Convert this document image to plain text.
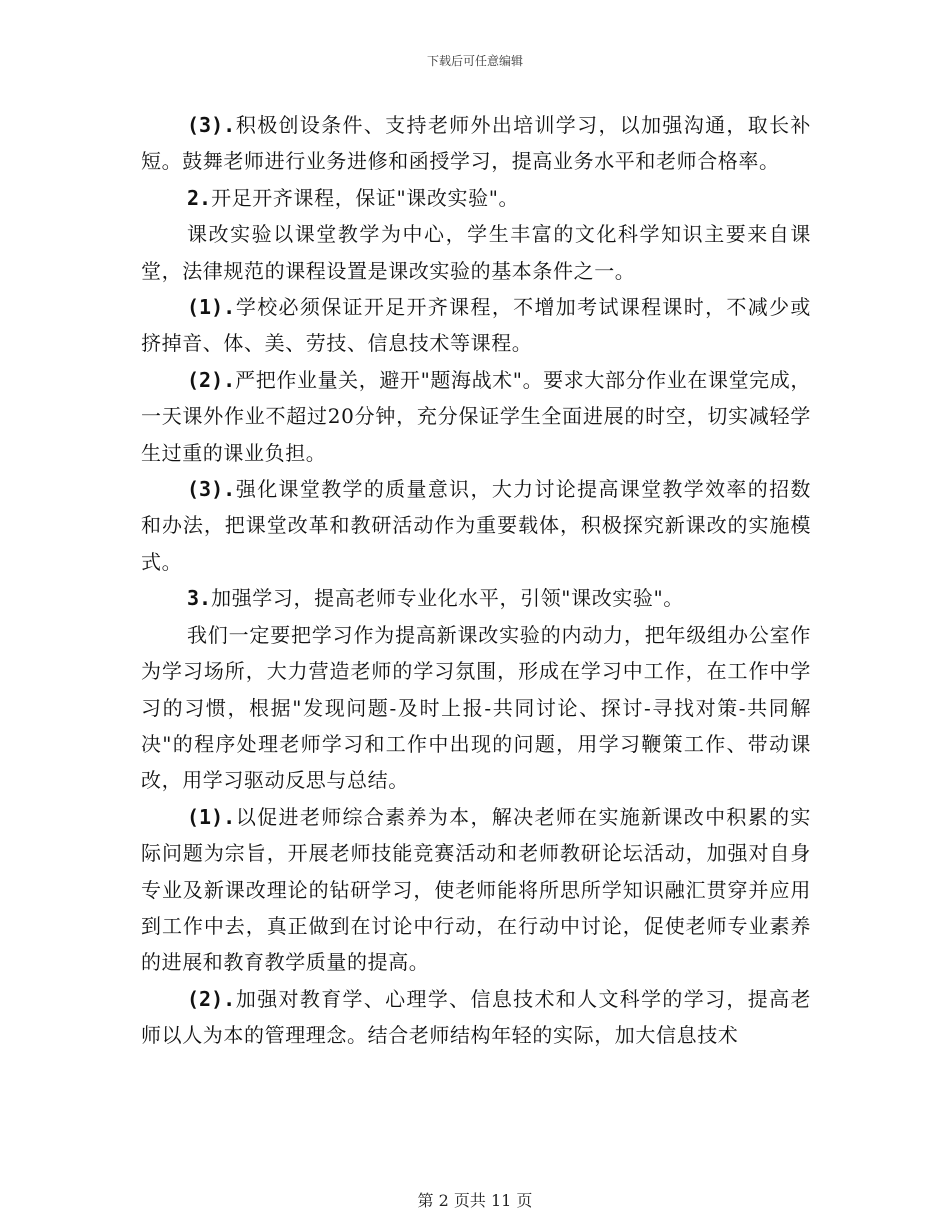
下载后可任意编辑

(3).积极创设条件、支持老师外出培训学习，以加强沟通，取长补短。鼓舞老师进行业务进修和函授学习，提高业务水平和老师合格率。

2.开足开齐课程，保证"课改实验"。

课改实验以课堂教学为中心，学生丰富的文化科学知识主要来自课堂，法律规范的课程设置是课改实验的基本条件之一。

(1).学校必须保证开足开齐课程，不增加考试课程课时，不减少或挤掉音、体、美、劳技、信息技术等课程。

(2).严把作业量关，避开"题海战术"。要求大部分作业在课堂完成，一天课外作业不超过20分钟，充分保证学生全面进展的时空，切实减轻学生过重的课业负担。

(3).强化课堂教学的质量意识，大力讨论提高课堂教学效率的招数和办法，把课堂改革和教研活动作为重要载体，积极探究新课改的实施模式。

3.加强学习，提高老师专业化水平，引领"课改实验"。

我们一定要把学习作为提高新课改实验的内动力，把年级组办公室作为学习场所，大力营造老师的学习氛围，形成在学习中工作，在工作中学习的习惯，根据"发现问题-及时上报-共同讨论、探讨-寻找对策-共同解决"的程序处理老师学习和工作中出现的问题，用学习鞭策工作、带动课改，用学习驱动反思与总结。

(1).以促进老师综合素养为本，解决老师在实施新课改中积累的实际问题为宗旨，开展老师技能竞赛活动和老师教研论坛活动，加强对自身专业及新课改理论的钻研学习，使老师能将所思所学知识融汇贯穿并应用到工作中去，真正做到在讨论中行动，在行动中讨论，促使老师专业素养的进展和教育教学质量的提高。

(2).加强对教育学、心理学、信息技术和人文科学的学习，提高老师以人为本的管理理念。结合老师结构年轻的实际，加大信息技术

第 2 页共 11 页
